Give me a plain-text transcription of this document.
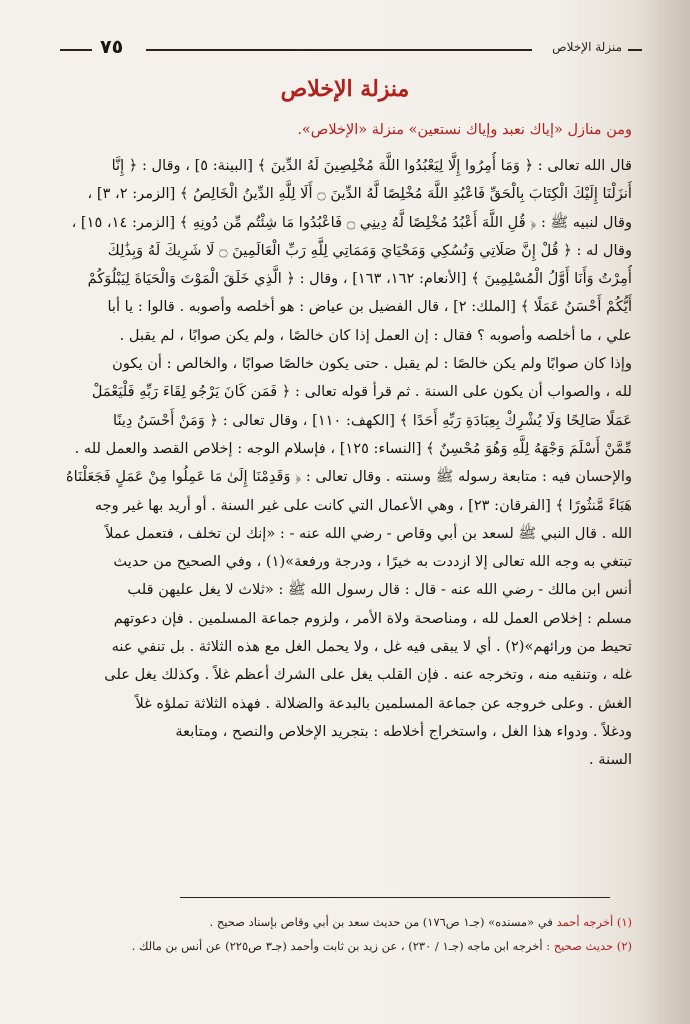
٧٥	منزلة الإخلاص
منزلة الإخلاص
ومن منازل «إياك نعبد وإياك نستعين» منزلة «الإخلاص».
قال الله تعالى : ﴿ وَمَا أُمِرُوا إِلَّا لِيَعْبُدُوا اللَّهَ مُخْلِصِينَ لَهُ الدِّينَ ﴾ [البينة: ٥] ، وقال : ﴿ إِنَّا
أَنزَلْنَا إِلَيْكَ الْكِتَابَ بِالْحَقِّ فَاعْبُدِ اللَّهَ مُخْلِصًا لَّهُ الدِّينَ ۝ أَلَا لِلَّهِ الدِّينُ الْخَالِصُ ﴾ [الزمر: ٢، ٣] ،
وقال لنبيه ﷺ : ﴿ قُلِ اللَّهَ أَعْبُدُ مُخْلِصًا لَّهُ دِينِي ۝ فَاعْبُدُوا مَا شِئْتُم مِّن دُونِهِ ﴾ [الزمر: ١٤، ١٥] ،
وقال له : ﴿ قُلْ إِنَّ صَلَاتِي وَنُسُكِي وَمَحْيَايَ وَمَمَاتِي لِلَّهِ رَبِّ الْعَالَمِينَ ۝ لَا شَرِيكَ لَهُ وَبِذَٰلِكَ
أُمِرْتُ وَأَنَا أَوَّلُ الْمُسْلِمِينَ ﴾ [الأنعام: ١٦٢، ١٦٣] ، وقال : ﴿ الَّذِي خَلَقَ الْمَوْتَ وَالْحَيَاةَ لِيَبْلُوَكُمْ
أَيُّكُمْ أَحْسَنُ عَمَلًا ﴾ [الملك: ٢] ، قال الفضيل بن عياض : هو أخلصه وأصوبه . قالوا : يا أبا
علي ، ما أخلصه وأصوبه ؟ فقال : إن العمل إذا كان خالصًا ، ولم يكن صوابًا ، لم يقبل .
وإذا كان صوابًا ولم يكن خالصًا : لم يقبل . حتى يكون خالصًا صوابًا ، والخالص : أن يكون
لله ، والصواب أن يكون على السنة . ثم قرأ قوله تعالى : ﴿ فَمَن كَانَ يَرْجُو لِقَاءَ رَبِّهِ فَلْيَعْمَلْ
عَمَلًا صَالِحًا وَلَا يُشْرِكْ بِعِبَادَةِ رَبِّهِ أَحَدًا ﴾ [الكهف: ١١٠] ، وقال تعالى : ﴿ وَمَنْ أَحْسَنُ دِينًا
مِّمَّنْ أَسْلَمَ وَجْهَهُ لِلَّهِ وَهُوَ مُحْسِنٌ ﴾ [النساء: ١٢٥] ، فإسلام الوجه : إخلاص القصد والعمل لله .
والإحسان فيه : متابعة رسوله ﷺ وسنته . وقال تعالى : ﴿ وَقَدِمْنَا إِلَىٰ مَا عَمِلُوا مِنْ عَمَلٍ فَجَعَلْنَاهُ
هَبَاءً مَّنثُورًا ﴾ [الفرقان: ٢٣] ، وهي الأعمال التي كانت على غير السنة . أو أريد بها غير وجه
الله . قال النبي ﷺ لسعد بن أبي وقاص - رضي الله عنه - : «إنك لن تخلف ، فتعمل عملاً
تبتغي به وجه الله تعالى إلا ازددت به خيرًا ، ودرجة ورفعة»(١) ، وفي الصحيح من حديث
أنس ابن مالك - رضي الله عنه - قال : قال رسول الله ﷺ : «ثلاث لا يغل عليهن قلب
مسلم : إخلاص العمل لله ، ومناصحة ولاة الأمر ، ولزوم جماعة المسلمين . فإن دعوتهم
تحيط من ورائهم»(٢) . أي لا يبقى فيه غل ، ولا يحمل الغل مع هذه الثلاثة . بل تنفي عنه
غله ، وتنقيه منه ، وتخرجه عنه . فإن القلب يغل على الشرك أعظم غلاً . وكذلك يغل على
الغش . وعلى خروجه عن جماعة المسلمين بالبدعة والضلالة . فهذه الثلاثة تملؤه غلاً
ودغلاً . ودواء هذا الغل ، واستخراج أخلاطه : بتجريد الإخلاص والنصح ، ومتابعة
السنة .
(١) أخرجه أحمد في «مسنده» (جـ١ ص١٧٦) من حديث سعد بن أبي وقاص بإسناد صحيح .
(٢) حديث صحيح : أخرجه ابن ماجه (جـ١ / ٢٣٠) ، عن زيد بن ثابت وأحمد (جـ٣ ص٢٢٥) عن أنس بن مالك .
